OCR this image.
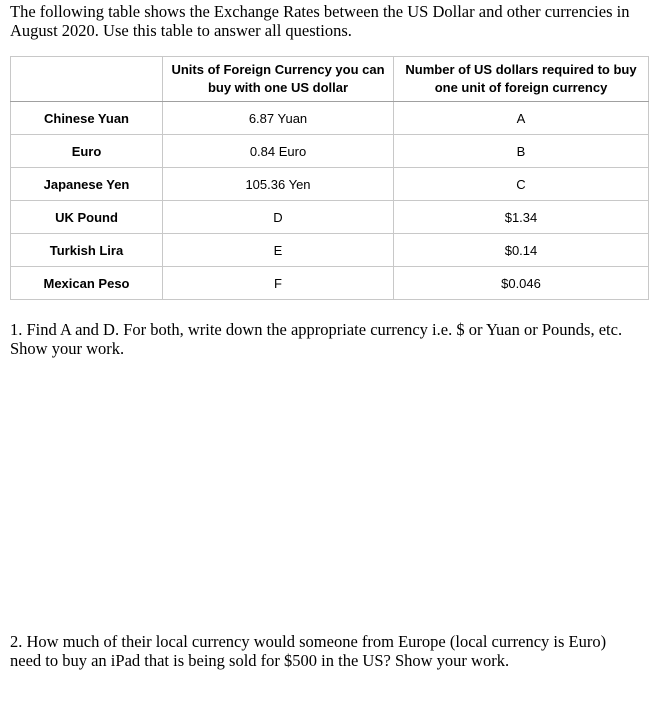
The following table shows the Exchange Rates between the US Dollar and other currencies in August 2020. Use this table to answer all questions.
	Units of Foreign Currency you can buy with one US dollar	Number of US dollars required to buy one unit of foreign currency
Chinese Yuan	6.87 Yuan	A
Euro	0.84 Euro	B
Japanese Yen	105.36 Yen	C
UK Pound	D	$1.34
Turkish Lira	E	$0.14
Mexican Peso	F	$0.046
1. Find A and D. For both, write down the appropriate currency i.e. $ or Yuan or Pounds, etc. Show your work.
2. How much of their local currency would someone from Europe (local currency is Euro) need to buy an iPad that is being sold for $500 in the US? Show your work.
